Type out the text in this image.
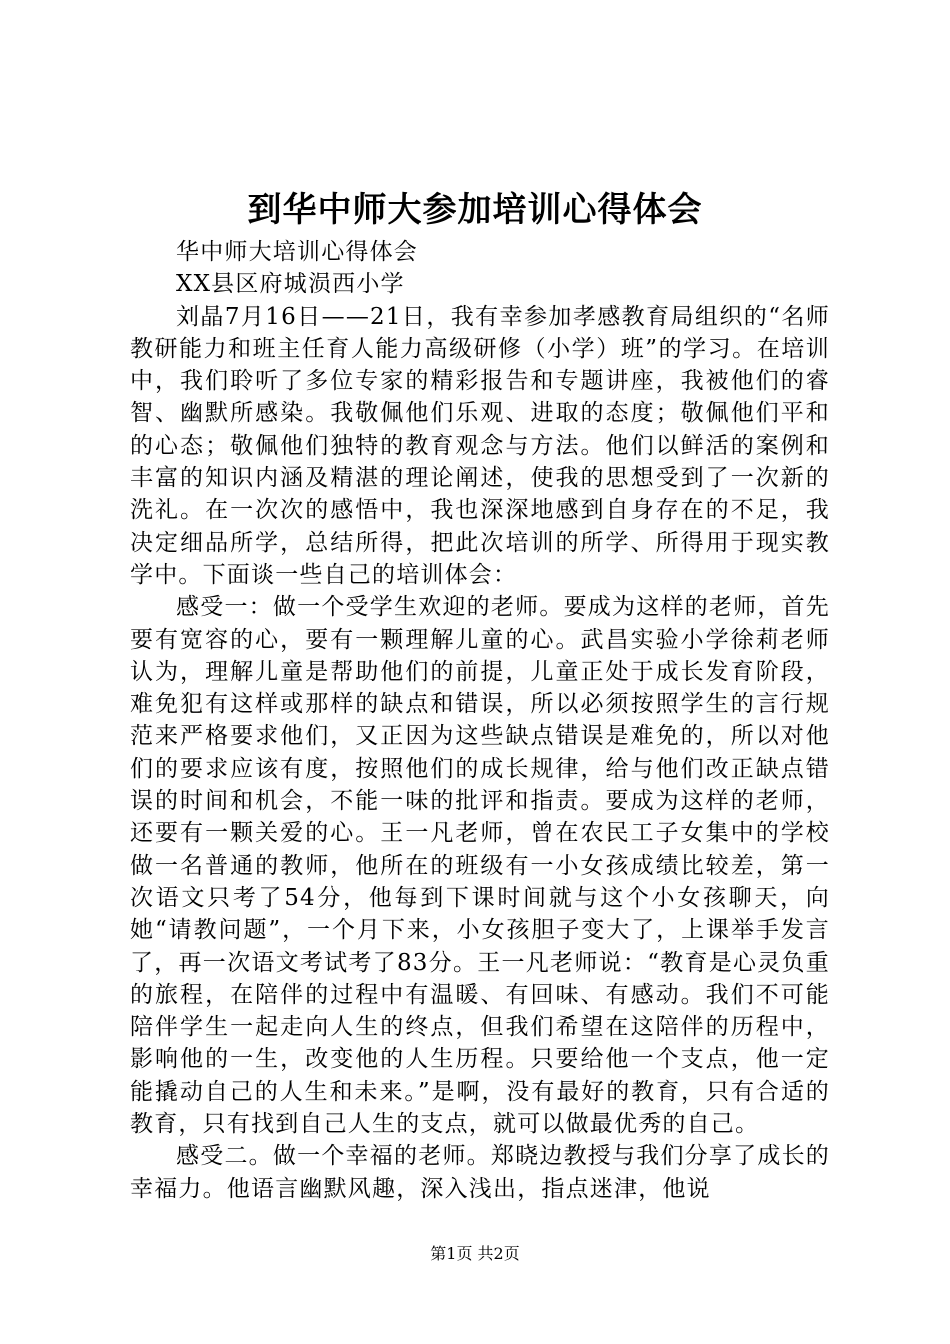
到华中师大参加培训心得体会

华中师大培训心得体会

XX县区府城涢西小学

刘晶7月16日——21日，我有幸参加孝感教育局组织的“名师教研能力和班主任育人能力高级研修（小学）班”的学习。在培训中，我们聆听了多位专家的精彩报告和专题讲座，我被他们的睿智、幽默所感染。我敬佩他们乐观、进取的态度；敬佩他们平和的心态；敬佩他们独特的教育观念与方法。他们以鲜活的案例和丰富的知识内涵及精湛的理论阐述，使我的思想受到了一次新的洗礼。在一次次的感悟中，我也深深地感到自身存在的不足，我决定细品所学，总结所得，把此次培训的所学、所得用于现实教学中。下面谈一些自己的培训体会：

感受一：做一个受学生欢迎的老师。要成为这样的老师，首先要有宽容的心，要有一颗理解儿童的心。武昌实验小学徐莉老师认为，理解儿童是帮助他们的前提，儿童正处于成长发育阶段，难免犯有这样或那样的缺点和错误，所以必须按照学生的言行规范来严格要求他们，又正因为这些缺点错误是难免的，所以对他们的要求应该有度，按照他们的成长规律，给与他们改正缺点错误的时间和机会，不能一味的批评和指责。要成为这样的老师，还要有一颗关爱的心。王一凡老师，曾在农民工子女集中的学校做一名普通的教师，他所在的班级有一小女孩成绩比较差，第一次语文只考了54分，他每到下课时间就与这个小女孩聊天，向她“请教问题”，一个月下来，小女孩胆子变大了，上课举手发言了，再一次语文考试考了83分。王一凡老师说：“教育是心灵负重的旅程，在陪伴的过程中有温暖、有回味、有感动。我们不可能陪伴学生一起走向人生的终点，但我们希望在这陪伴的历程中，影响他的一生，改变他的人生历程。只要给他一个支点，他一定能撬动自己的人生和未来。”是啊，没有最好的教育，只有合适的教育，只有找到自己人生的支点，就可以做最优秀的自己。

感受二。做一个幸福的老师。郑晓边教授与我们分享了成长的幸福力。他语言幽默风趣，深入浅出，指点迷津，他说

第1页 共2页
